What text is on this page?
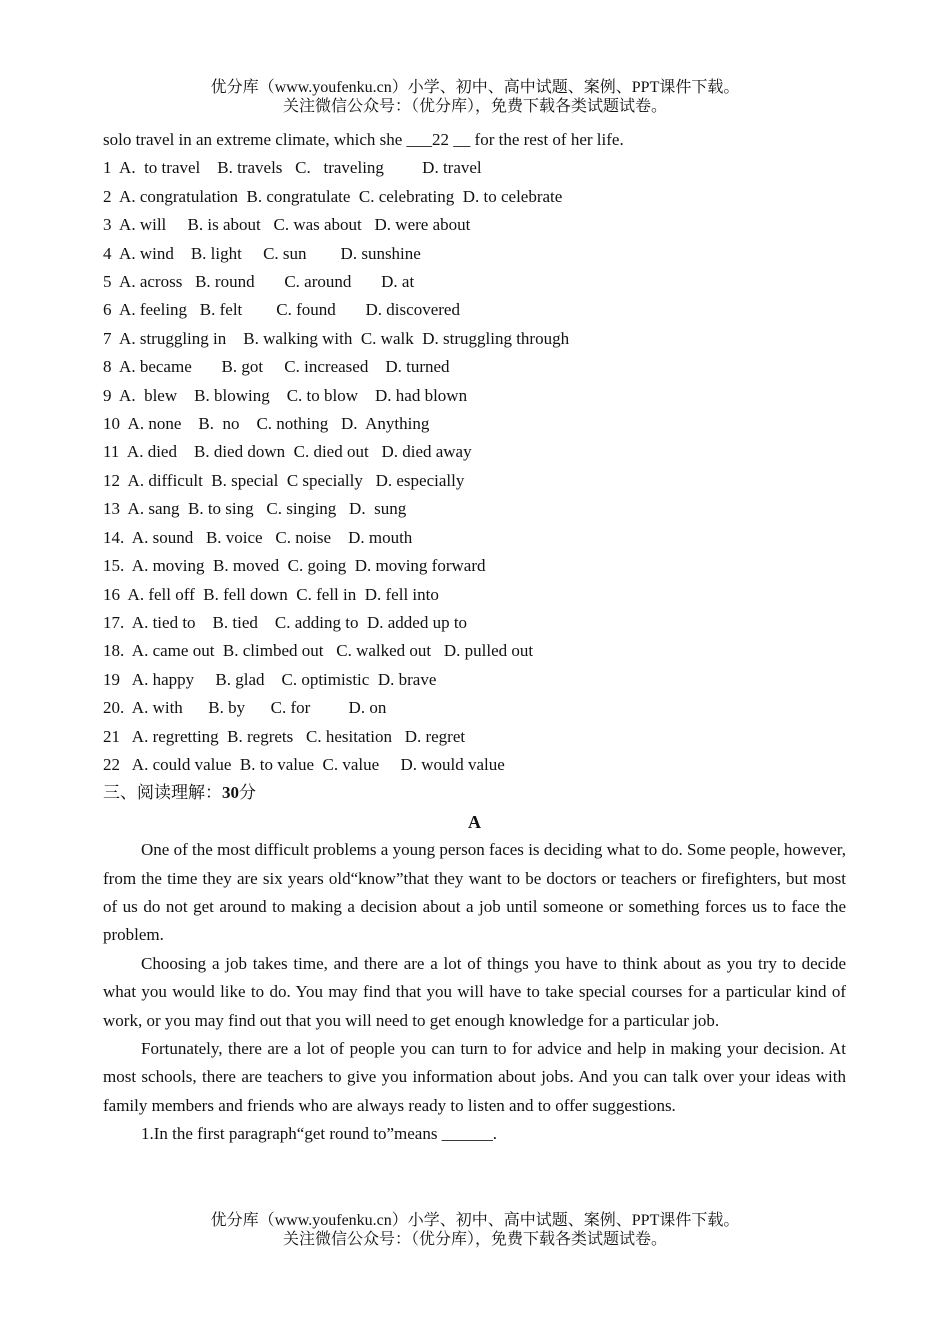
优分库（www.youfenku.cn）小学、初中、高中试题、案例、PPT课件下载。
关注微信公众号：（优分库），免费下载各类试题试卷。

solo travel in an extreme climate, which she ___22 __ for the rest of her life.

1  A.  to travel    B. travels   C.   traveling         D. travel

2  A. congratulation  B. congratulate  C. celebrating  D. to celebrate

3  A. will     B. is about   C. was about   D. were about

4  A. wind    B. light     C. sun        D. sunshine

5  A. across   B. round       C. around       D. at

6  A. feeling   B. felt        C. found       D. discovered

7  A. struggling in    B. walking with  C. walk  D. struggling through

8  A. became       B. got     C. increased    D. turned

9  A.  blew    B. blowing    C. to blow    D. had blown

10  A. none    B.  no    C. nothing   D.  Anything

11  A. died    B. died down  C. died out   D. died away

12  A. difficult  B. special  C specially   D. especially

13  A. sang  B. to sing   C. singing   D.  sung

14.  A. sound   B. voice   C. noise    D. mouth

15.  A. moving  B. moved  C. going  D. moving forward

16  A. fell off  B. fell down  C. fell in  D. fell into

17.  A. tied to    B. tied    C. adding to  D. added up to

18.  A. came out  B. climbed out   C. walked out   D. pulled out

19   A. happy     B. glad    C. optimistic  D. brave

20.  A. with      B. by      C. for         D. on

21   A. regretting  B. regrets   C. hesitation   D. regret

22   A. could value  B. to value  C. value     D. would value

三、阅读理解：30分

A

One of the most difficult problems a young person faces is deciding what to do. Some people, however, from the time they are six years old“know”that they want to be doctors or teachers or firefighters, but most of us do not get around to making a decision about a job until someone or something forces us to face the problem.

Choosing a job takes time, and there are a lot of things you have to think about as you try to decide what you would like to do. You may find that you will have to take special courses for a particular kind of work, or you may find out that you will need to get enough knowledge for a particular job.

Fortunately, there are a lot of people you can turn to for advice and help in making your decision. At most schools, there are teachers to give you information about jobs. And you can talk over your ideas with family members and friends who are always ready to listen and to offer suggestions.

1.In the first paragraph“get round to”means ______.

优分库（www.youfenku.cn）小学、初中、高中试题、案例、PPT课件下载。
关注微信公众号：（优分库），免费下载各类试题试卷。
